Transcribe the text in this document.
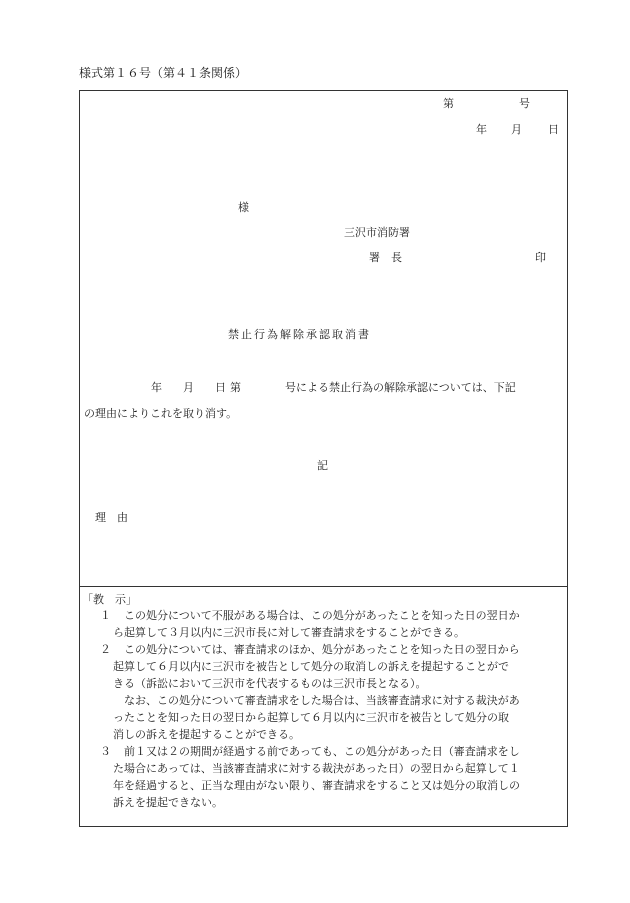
様式第１６号（第４１条関係）
第	号
年 月 日
様
三沢市消防署
署　長	印
禁止行為解除承認取消書
年 月 日 第	号による禁止行為の解除承認については、下記
の理由によりこれを取り消す。
記
理　由
「教　示」
１ この処分について不服がある場合は、この処分があったことを知った日の翌日か
ら起算して３月以内に三沢市長に対して審査請求をすることができる。
２ この処分については、審査請求のほか、処分があったことを知った日の翌日から
起算して６月以内に三沢市を被告として処分の取消しの訴えを提起することがで
きる（訴訟において三沢市を代表するものは三沢市長となる）。
なお、この処分について審査請求をした場合は、当該審査請求に対する裁決があ
ったことを知った日の翌日から起算して６月以内に三沢市を被告として処分の取
消しの訴えを提起することができる。
３ 前１又は２の期間が経過する前であっても、この処分があった日（審査請求をし
た場合にあっては、当該審査請求に対する裁決があった日）の翌日から起算して１
年を経過すると、正当な理由がない限り、審査請求をすること又は処分の取消しの
訴えを提起できない。
